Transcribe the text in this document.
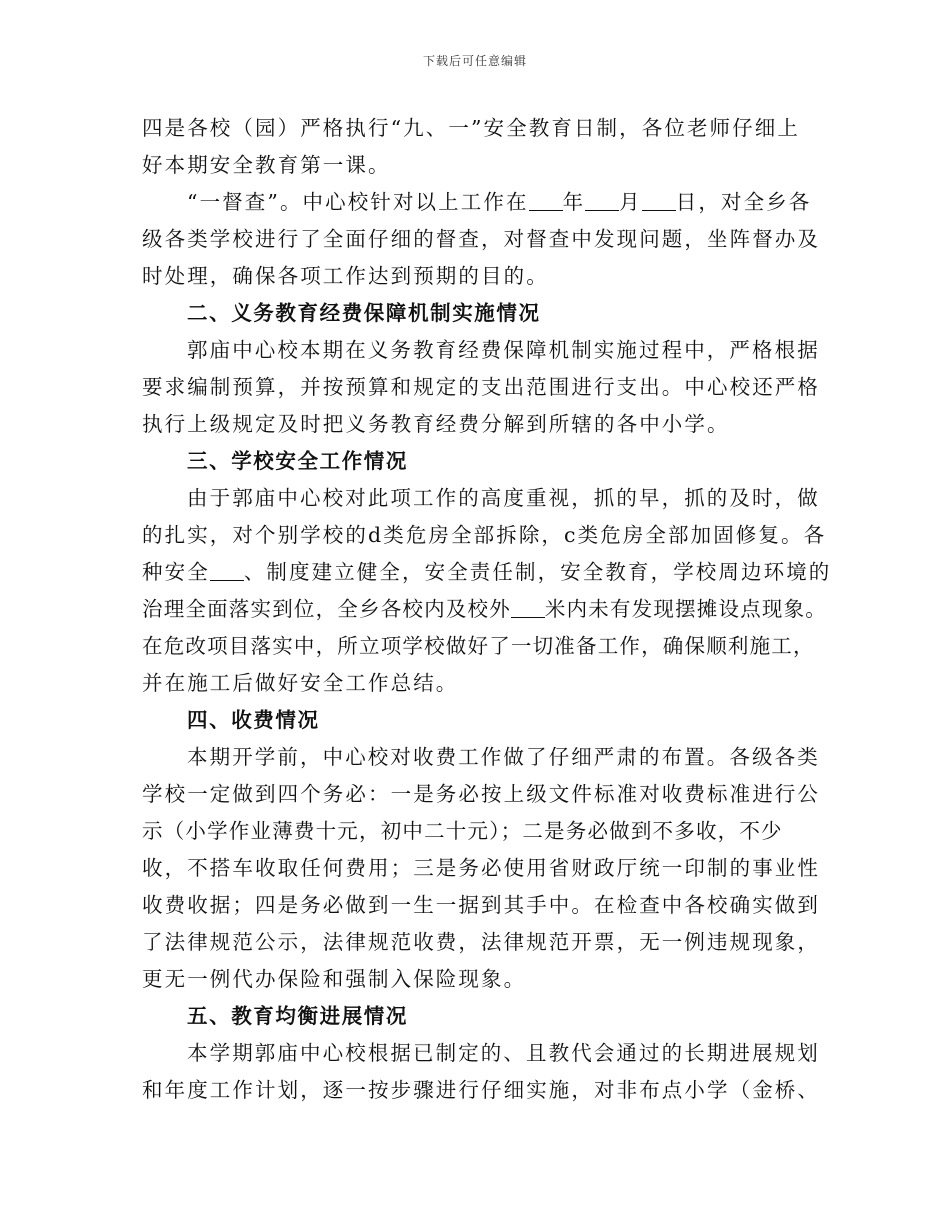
下载后可任意编辑
四是各校（园）严格执行“九、一”安全教育日制，各位老师仔细上
好本期安全教育第一课。
“一督查”。中心校针对以上工作在 年 月 日，对全乡各
级各类学校进行了全面仔细的督查，对督查中发现问题，坐阵督办及
时处理，确保各项工作达到预期的目的。
二、义务教育经费保障机制实施情况
郭庙中心校本期在义务教育经费保障机制实施过程中，严格根据
要求编制预算，并按预算和规定的支出范围进行支出。中心校还严格
执行上级规定及时把义务教育经费分解到所辖的各中小学。
三、学校安全工作情况
由于郭庙中心校对此项工作的高度重视，抓的早，抓的及时，做
的扎实，对个别学校的d类危房全部拆除，c类危房全部加固修复。各
种安全 、制度建立健全，安全责任制，安全教育，学校周边环境的
治理全面落实到位，全乡各校内及校外 米内未有发现摆摊设点现象。
在危改项目落实中，所立项学校做好了一切准备工作，确保顺利施工，
并在施工后做好安全工作总结。
四、收费情况
本期开学前，中心校对收费工作做了仔细严肃的布置。各级各类
学校一定做到四个务必：一是务必按上级文件标准对收费标准进行公
示（小学作业薄费十元，初中二十元）；二是务必做到不多收，不少
收，不搭车收取任何费用；三是务必使用省财政厅统一印制的事业性
收费收据；四是务必做到一生一据到其手中。在检查中各校确实做到
了法律规范公示，法律规范收费，法律规范开票，无一例违规现象，
更无一例代办保险和强制入保险现象。
五、教育均衡进展情况
本学期郭庙中心校根据已制定的、且教代会通过的长期进展规划
和年度工作计划，逐一按步骤进行仔细实施，对非布点小学（金桥、
